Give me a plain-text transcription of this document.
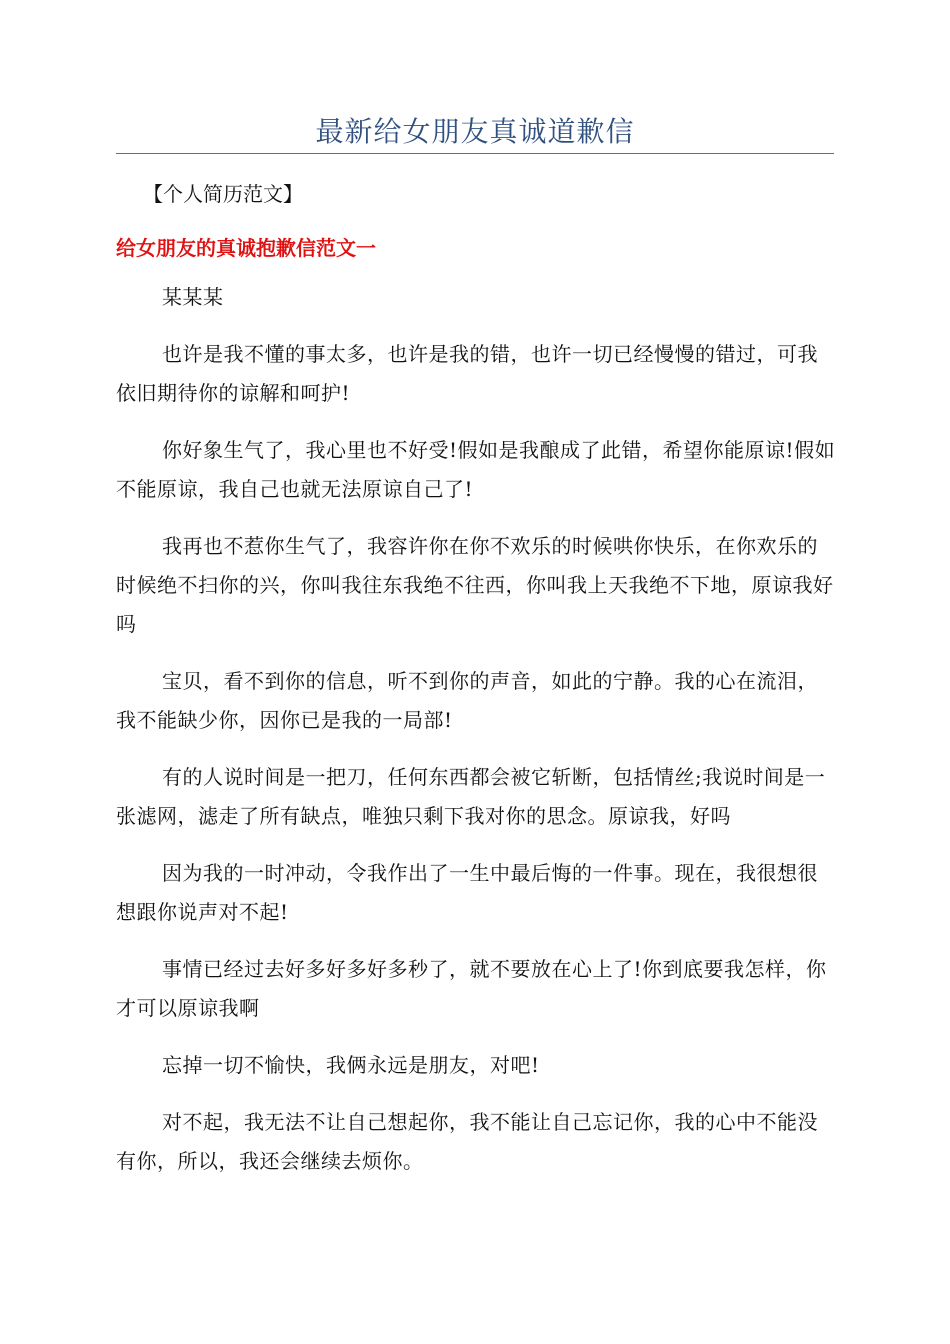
最新给女朋友真诚道歉信
【个人简历范文】
给女朋友的真诚抱歉信范文一

某某某

也许是我不懂的事太多，也许是我的错，也许一切已经慢慢的错过，可我依旧期待你的谅解和呵护!

你好象生气了，我心里也不好受!假如是我酿成了此错，希望你能原谅!假如不能原谅，我自己也就无法原谅自己了!

我再也不惹你生气了，我容许你在你不欢乐的时候哄你快乐，在你欢乐的时候绝不扫你的兴，你叫我往东我绝不往西，你叫我上天我绝不下地，原谅我好吗

宝贝，看不到你的信息，听不到你的声音，如此的宁静。我的心在流泪，我不能缺少你，因你已是我的一局部!

有的人说时间是一把刀，任何东西都会被它斩断，包括情丝;我说时间是一张滤网，滤走了所有缺点，唯独只剩下我对你的思念。原谅我，好吗

因为我的一时冲动，令我作出了一生中最后悔的一件事。现在，我很想很想跟你说声对不起!

事情已经过去好多好多好多秒了，就不要放在心上了!你到底要我怎样，你才可以原谅我啊

忘掉一切不愉快，我俩永远是朋友，对吧!

对不起，我无法不让自己想起你，我不能让自己忘记你，我的心中不能没有你，所以，我还会继续去烦你。
